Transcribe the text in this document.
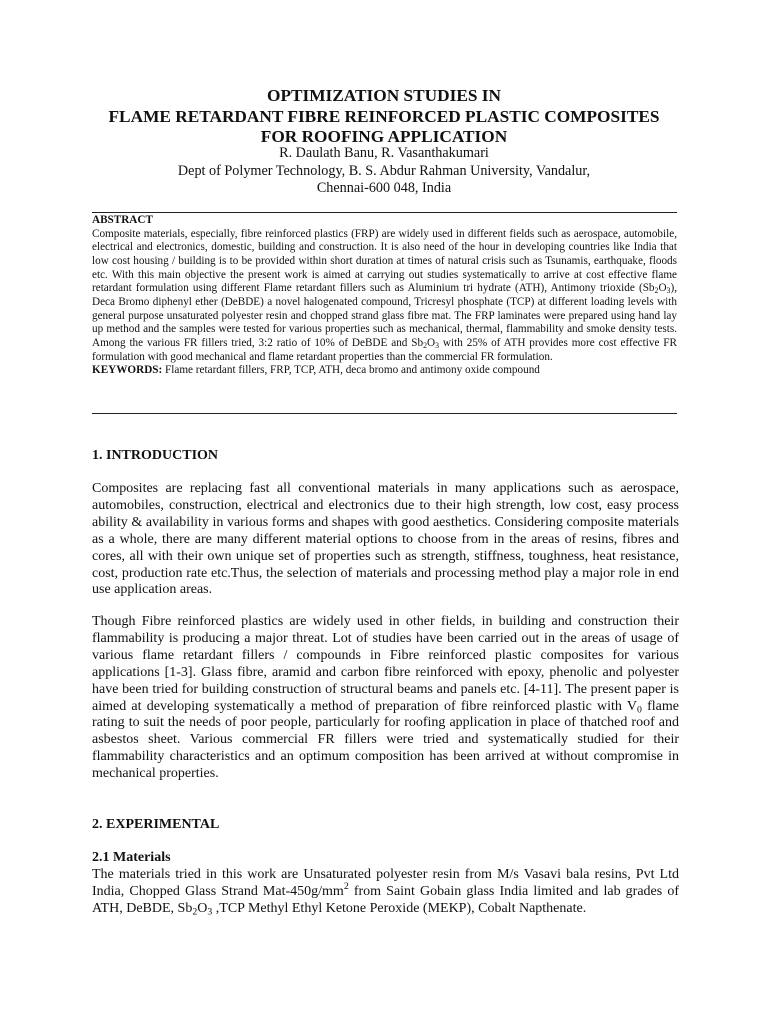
OPTIMIZATION STUDIES IN
FLAME RETARDANT FIBRE REINFORCED PLASTIC COMPOSITES
FOR ROOFING APPLICATION
R. Daulath Banu, R. Vasanthakumari
Dept of Polymer Technology, B. S. Abdur Rahman University, Vandalur,
Chennai-600 048, India
ABSTRACT
Composite materials, especially, fibre reinforced plastics (FRP) are widely used in different fields such as aerospace, automobile, electrical and electronics, domestic, building and construction. It is also need of the hour in developing countries like India that low cost housing / building is to be provided within short duration at times of natural crisis such as Tsunamis, earthquake, floods etc. With this main objective the present work is aimed at carrying out studies systematically to arrive at cost effective flame retardant formulation using different Flame retardant fillers such as Aluminium tri hydrate (ATH), Antimony trioxide $(Sb_2O_3)$, Deca Bromo diphenyl ether (DeBDE) a novel halogenated compound, Tricresyl phosphate (TCP) at different loading levels with general purpose unsaturated polyester resin and chopped strand glass fibre mat. The FRP laminates were prepared using hand lay up method and the samples were tested for various properties such as mechanical, thermal, flammability and smoke density tests. Among the various FR fillers tried, 3:2 ratio of 10% of DeBDE and $Sb_2O_3$ with 25% of ATH provides more cost effective FR formulation with good mechanical and flame retardant properties than the commercial FR formulation.
KEYWORDS: Flame retardant fillers, FRP, TCP, ATH, deca bromo and antimony oxide compound
1. INTRODUCTION

Composites are replacing fast all conventional materials in many applications such as aerospace, automobiles, construction, electrical and electronics due to their high strength, low cost, easy process ability & availability in various forms and shapes with good aesthetics. Considering composite materials as a whole, there are many different material options to choose from in the areas of resins, fibres and cores, all with their own unique set of properties such as strength, stiffness, toughness, heat resistance, cost, production rate etc.Thus, the selection of materials and processing method play a major role in end use application areas.

Though Fibre reinforced plastics are widely used in other fields, in building and construction their flammability is producing a major threat. Lot of studies have been carried out in the areas of usage of various flame retardant fillers / compounds in Fibre reinforced plastic composites for various applications [1-3]. Glass fibre, aramid and carbon fibre reinforced with epoxy, phenolic and polyester have been tried for building construction of structural beams and panels etc. [4-11]. The present paper is aimed at developing systematically a method of preparation of fibre reinforced plastic with $V_0$ flame rating to suit the needs of poor people, particularly for roofing application in place of thatched roof and asbestos sheet. Various commercial FR fillers were tried and systematically studied for their flammability characteristics and an optimum composition has been arrived at without compromise in mechanical properties.

2. EXPERIMENTAL

2.1 Materials
The materials tried in this work are Unsaturated polyester resin from M/s Vasavi bala resins, Pvt Ltd India, Chopped Glass Strand Mat-$450g/mm^2$ from Saint Gobain glass India limited and lab grades of ATH, DeBDE, $Sb_2O_3$ ,TCP Methyl Ethyl Ketone Peroxide (MEKP), Cobalt Napthenate.
